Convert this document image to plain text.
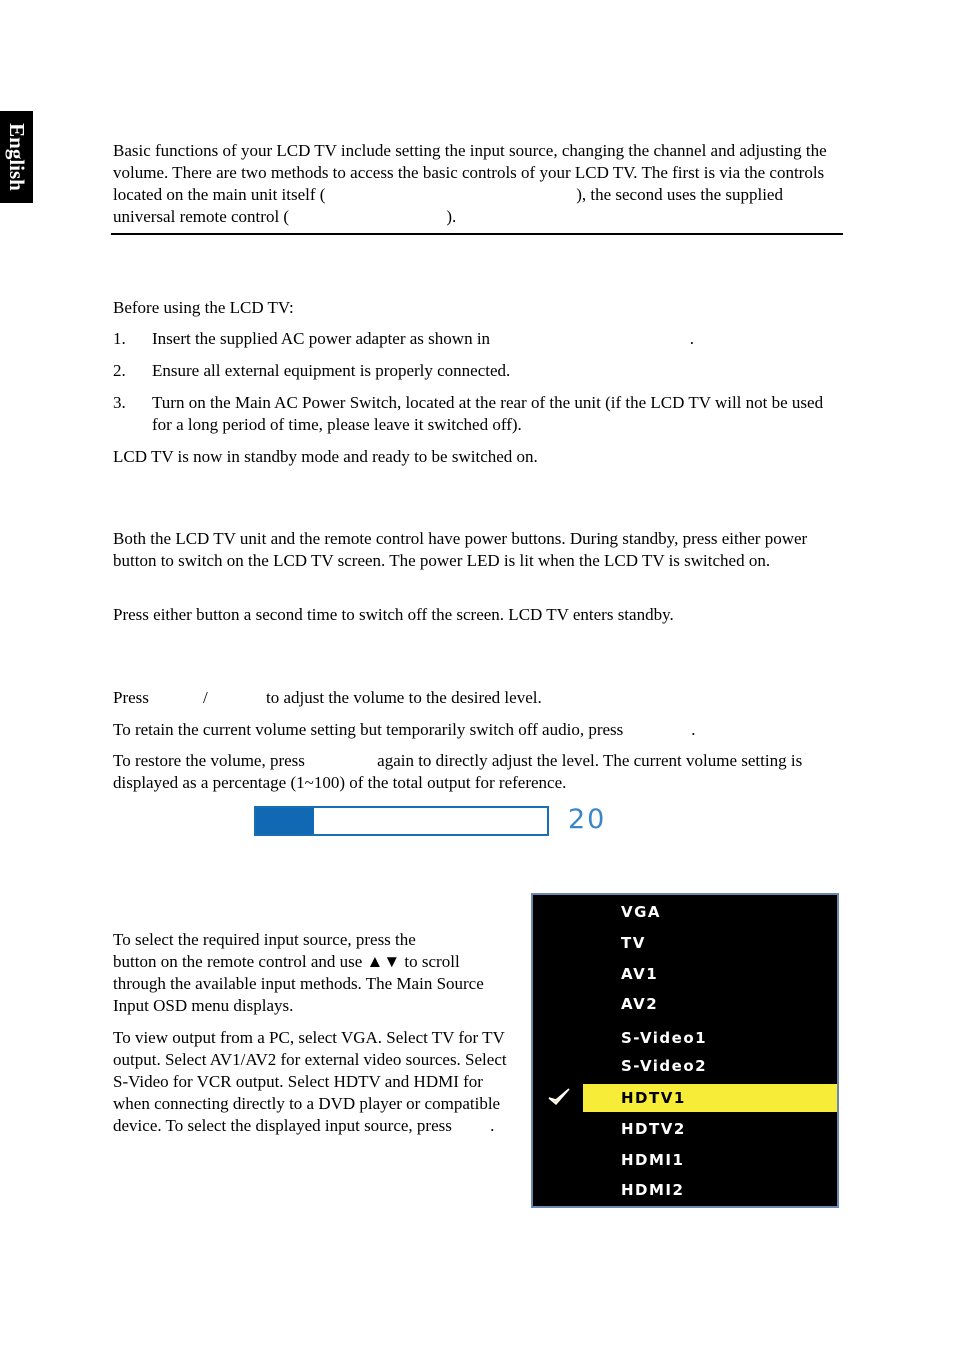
English	Basic functions of your LCD TV include setting the input source, changing the channel and adjusting the volume. There are two methods to access the basic controls of your LCD TV. The first is via the controls located on the main unit itself (                                                           ), the second uses the supplied universal remote control (                                     ).

Before using the LCD TV:

1. Insert the supplied AC power adapter as shown in                                               .

2. Ensure all external equipment is properly connected.

3. Turn on the Main AC Power Switch, located at the rear of the unit (if the LCD TV will not be used for a long period of time, please leave it switched off).

LCD TV is now in standby mode and ready to be switched on.

Both the LCD TV unit and the remote control have power buttons. During standby, press either power button to switch on the LCD TV screen. The power LED is lit when the LCD TV is switched on.

Press either button a second time to switch off the screen. LCD TV enters standby.

Press	/	to adjust the volume to the desired level.

To retain the current volume setting but temporarily switch off audio, press                .

To restore the volume, press                 again to directly adjust the level. The current volume setting is displayed as a percentage (1~100) of the total output for reference.

20

To select the required input source, press the                 button on the remote control and use ▲▼ to scroll through the available input methods. The Main Source Input OSD menu displays.

To view output from a PC, select VGA. Select TV for TV output. Select AV1/AV2 for external video sources. Select S-Video for VCR output. Select HDTV and HDMI for when connecting directly to a DVD player or compatible device. To select the displayed input source, press         .

VGA
TV
AV1
AV2
S-Video1
S-Video2
HDTV1
HDTV2
HDMI1
HDMI2
